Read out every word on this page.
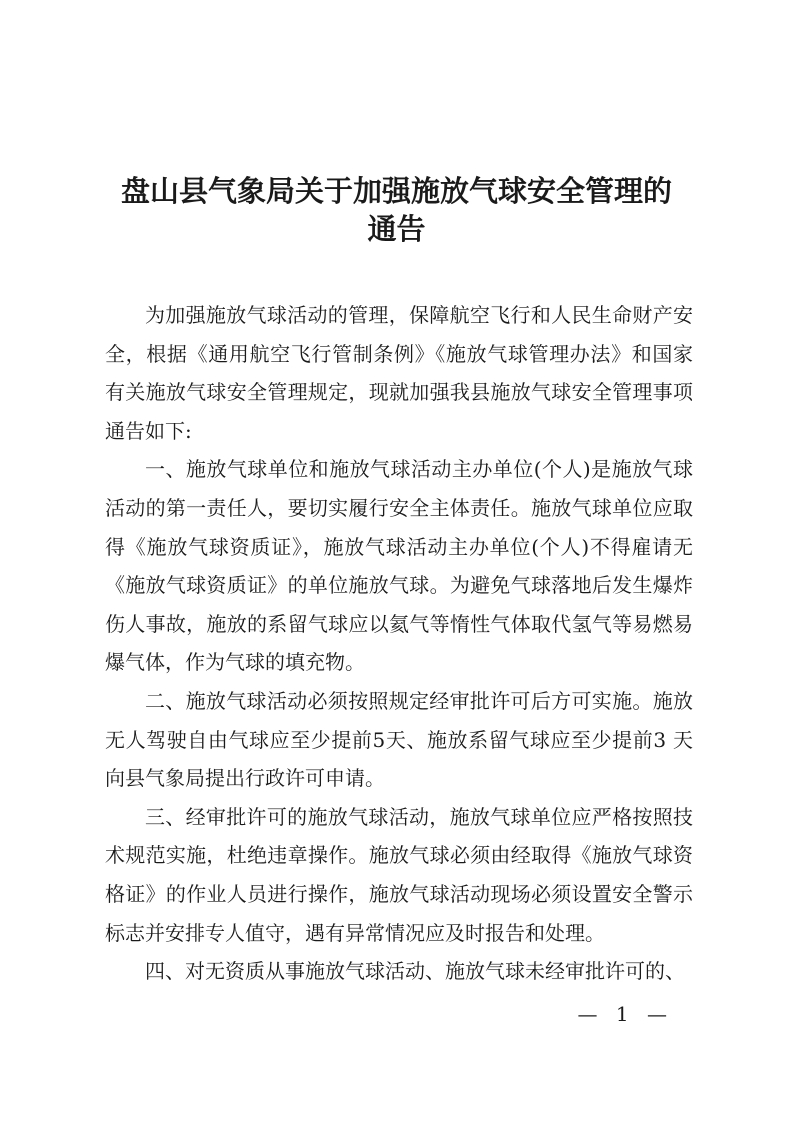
盘山县气象局关于加强施放气球安全管理的
通告

为加强施放气球活动的管理，保障航空飞行和人民生命财产安全，根据《通用航空飞行管制条例》《施放气球管理办法》和国家有关施放气球安全管理规定，现就加强我县施放气球安全管理事项通告如下:

一、施放气球单位和施放气球活动主办单位(个人)是施放气球活动的第一责任人，要切实履行安全主体责任。施放气球单位应取得《施放气球资质证》，施放气球活动主办单位(个人)不得雇请无《施放气球资质证》的单位施放气球。为避免气球落地后发生爆炸伤人事故，施放的系留气球应以氦气等惰性气体取代氢气等易燃易爆气体，作为气球的填充物。

二、施放气球活动必须按照规定经审批许可后方可实施。施放无人驾驶自由气球应至少提前5天、施放系留气球应至少提前3 天向县气象局提出行政许可申请。

三、经审批许可的施放气球活动，施放气球单位应严格按照技术规范实施，杜绝违章操作。施放气球必须由经取得《施放气球资格证》的作业人员进行操作，施放气球活动现场必须设置安全警示标志并安排专人值守，遇有异常情况应及时报告和处理。

四、对无资质从事施放气球活动、施放气球未经审批许可的、

— 1 —
